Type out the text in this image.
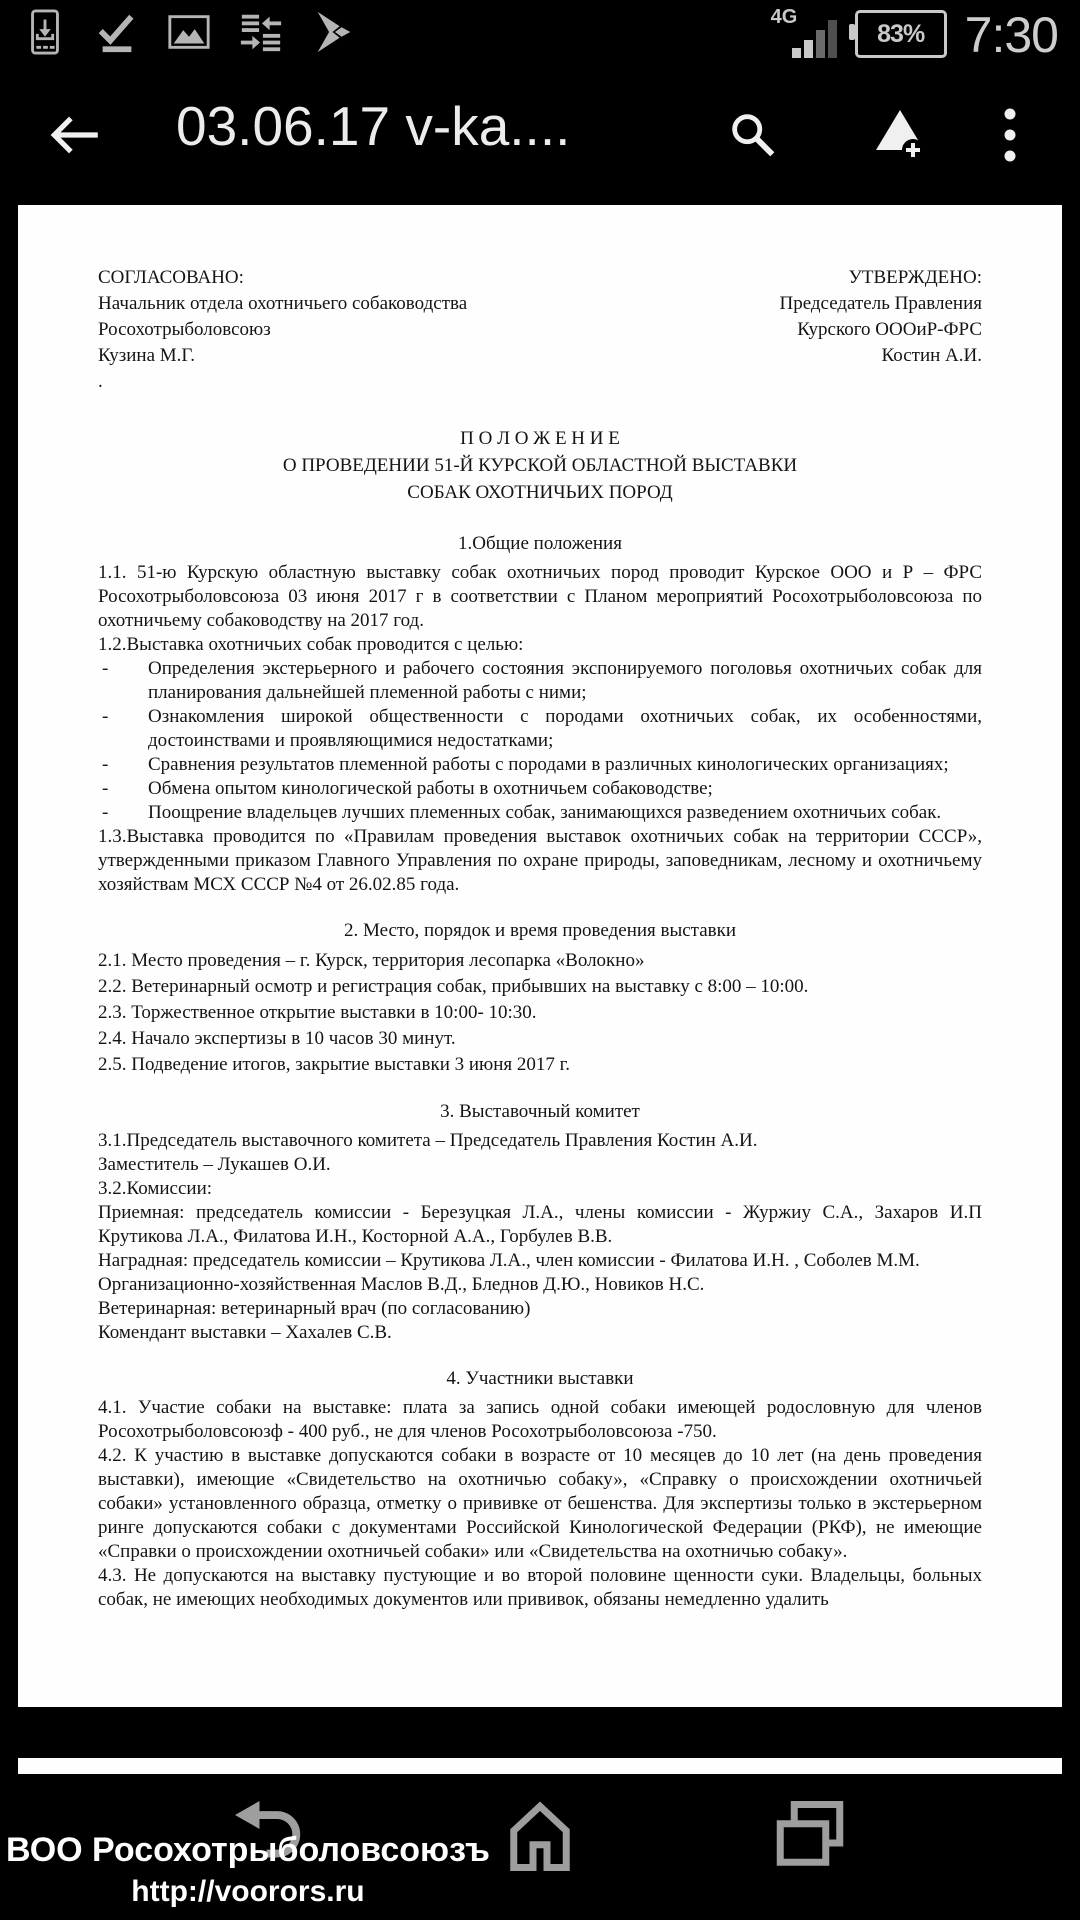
4G
83% 7:30
03.06.17 v-ka....
СОГЛАСОВАНО:
Начальник отдела охотничьего собаководства
Росохотрыболовсоюз
Кузина М.Г.
.
УТВЕРЖДЕНО:
Председатель Правления
Курского ОООиР-ФРС
Костин А.И.
П О Л О Ж Е Н И Е
О ПРОВЕДЕНИИ 51-Й КУРСКОЙ ОБЛАСТНОЙ ВЫСТАВКИ
СОБАК ОХОТНИЧЬИХ ПОРОД
1.Общие положения

1.1. 51-ю Курскую областную выставку собак охотничьих пород проводит Курское ООО и Р – ФРС Росохотрыболовсоюза 03 июня 2017 г в соответствии с Планом мероприятий Росохотрыболовсоюза по охотничьему собаководству на 2017 год.

1.2.Выставка охотничьих собак проводится с целью:

-	Определения экстерьерного и рабочего состояния экспонируемого поголовья охотничьих собак для планирования дальнейшей племенной работы с ними;
-	Ознакомления широкой общественности с породами охотничьих собак, их особенностями, достоинствами и проявляющимися недостатками;
-	Сравнения результатов племенной работы с породами в различных кинологических организациях;
-	Обмена опытом кинологической работы в охотничьем собаководстве;
-	Поощрение владельцев лучших племенных собак, занимающихся разведением охотничьих собак.

1.3.Выставка проводится по «Правилам проведения выставок охотничьих собак на территории СССР», утвержденными приказом Главного Управления по охране природы, заповедникам, лесному и охотничьему хозяйствам МСХ СССР №4 от 26.02.85 года.

2. Место, порядок и время проведения выставки

2.1. Место проведения – г. Курск, территория лесопарка «Волокно»

2.2. Ветеринарный осмотр и регистрация собак, прибывших на выставку с 8:00 – 10:00.

2.3. Торжественное открытие выставки в 10:00- 10:30.

2.4. Начало экспертизы в 10 часов 30 минут.

2.5. Подведение итогов, закрытие выставки 3 июня 2017 г.

3. Выставочный комитет

3.1.Председатель выставочного комитета – Председатель Правления Костин А.И.

Заместитель – Лукашев О.И.

3.2.Комиссии:

Приемная: председатель комиссии - Березуцкая Л.А., члены комиссии - Журжиу С.А., Захаров И.П Крутикова Л.А., Филатова И.Н., Косторной А.А., Горбулев В.В.

Наградная: председатель комиссии – Крутикова Л.А., член комиссии - Филатова И.Н. , Соболев М.М.

Организационно-хозяйственная Маслов В.Д., Бледнов Д.Ю., Новиков Н.С.

Ветеринарная: ветеринарный врач (по согласованию)

Комендант выставки – Хахалев С.В.

4. Участники выставки

4.1. Участие собаки на выставке: плата за запись одной собаки имеющей родословную для членов Росохотрыболовсоюзф - 400 руб., не для членов Росохотрыболовсоюза -750.

4.2. К участию в выставке допускаются собаки в возрасте от 10 месяцев до 10 лет (на день проведения выставки), имеющие «Свидетельство на охотничью собаку», «Справку о происхождении охотничьей собаки» установленного образца, отметку о прививке от бешенства. Для экспертизы только в экстерьерном ринге допускаются собаки с документами Российской Кинологической Федерации (РКФ), не имеющие «Справки о происхождении охотничьей собаки» или «Свидетельства на охотничью собаку».

4.3. Не допускаются на выставку пустующие и во второй половине щенности суки. Владельцы, больных собак, не имеющих необходимых документов или прививок, обязаны немедленно удалить

ВОО Росохотрыболовсоюзъ
http://voorors.ru
